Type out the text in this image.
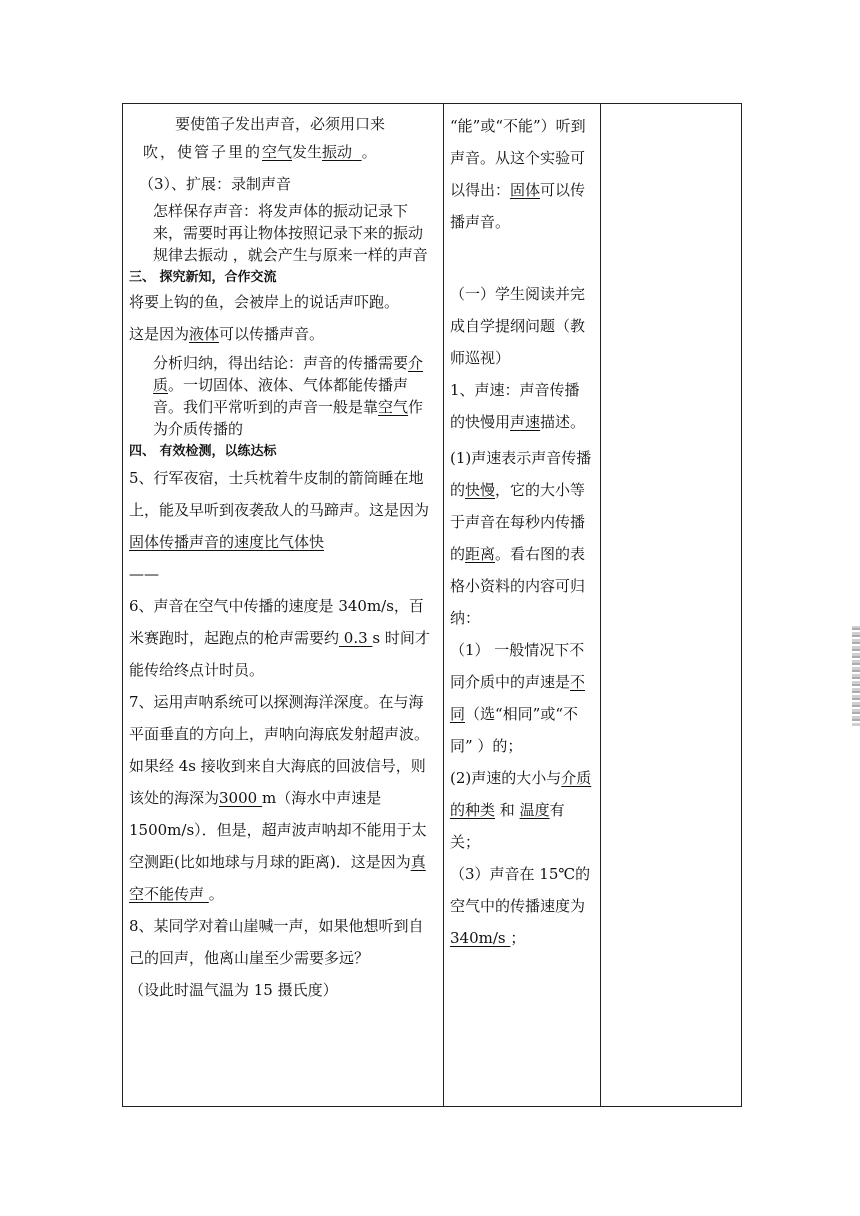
要使笛子发出声音，必须用口来

吹，使管子里的空气发生振动 。

（3）、扩展：录制声音

怎样保存声音：将发声体的振动记录下来，需要时再让物体按照记录下来的振动规律去振动 ，就会产生与原来一样的声音

三、 探究新知，合作交流

将要上钩的鱼，会被岸上的说话声吓跑。

这是因为液体可以传播声音。

分析归纳，得出结论：声音的传播需要介质。一切固体、液体、气体都能传播声音。我们平常听到的声音一般是靠空气作为介质传播的

四、 有效检测，以练达标

5、行军夜宿，士兵枕着牛皮制的箭筒睡在地上，能及早听到夜袭敌人的马蹄声。这是因为 固体传播声音的速度比气体快
——

6、声音在空气中传播的速度是 340m/s，百米赛跑时，起跑点的枪声需要约 0.3 s 时间才能传给终点计时员。

7、运用声呐系统可以探测海洋深度。在与海平面垂直的方向上，声呐向海底发射超声波。如果经 4s 接收到来自大海底的回波信号，则该处的海深为3000 m（海水中声速是 1500m/s）．但是，超声波声呐却不能用于太空测距(比如地球与月球的距离)．这是因为真空不能传声 。

8、某同学对着山崖喊一声，如果他想听到自己的回声，他离山崖至少需要多远？

（设此时温气温为 15 摄氏度）

“能”或“不能”）听到声音。从这个实验可以得出：固体可以传播声音。

（一）学生阅读并完成自学提纲问题（教师巡视）

1、声速：声音传播的快慢用声速描述。

(1)声速表示声音传播的快慢，它的大小等于声音在每秒内传播的距离。看右图的表格小资料的内容可归纳：

（1） 一般情况下不同介质中的声速是不同（选“相同”或“不同” ）的；

(2)声速的大小与介质的种类 和 温度有关；

（3）声音在 15℃的空气中的传播速度为 340m/s ；
